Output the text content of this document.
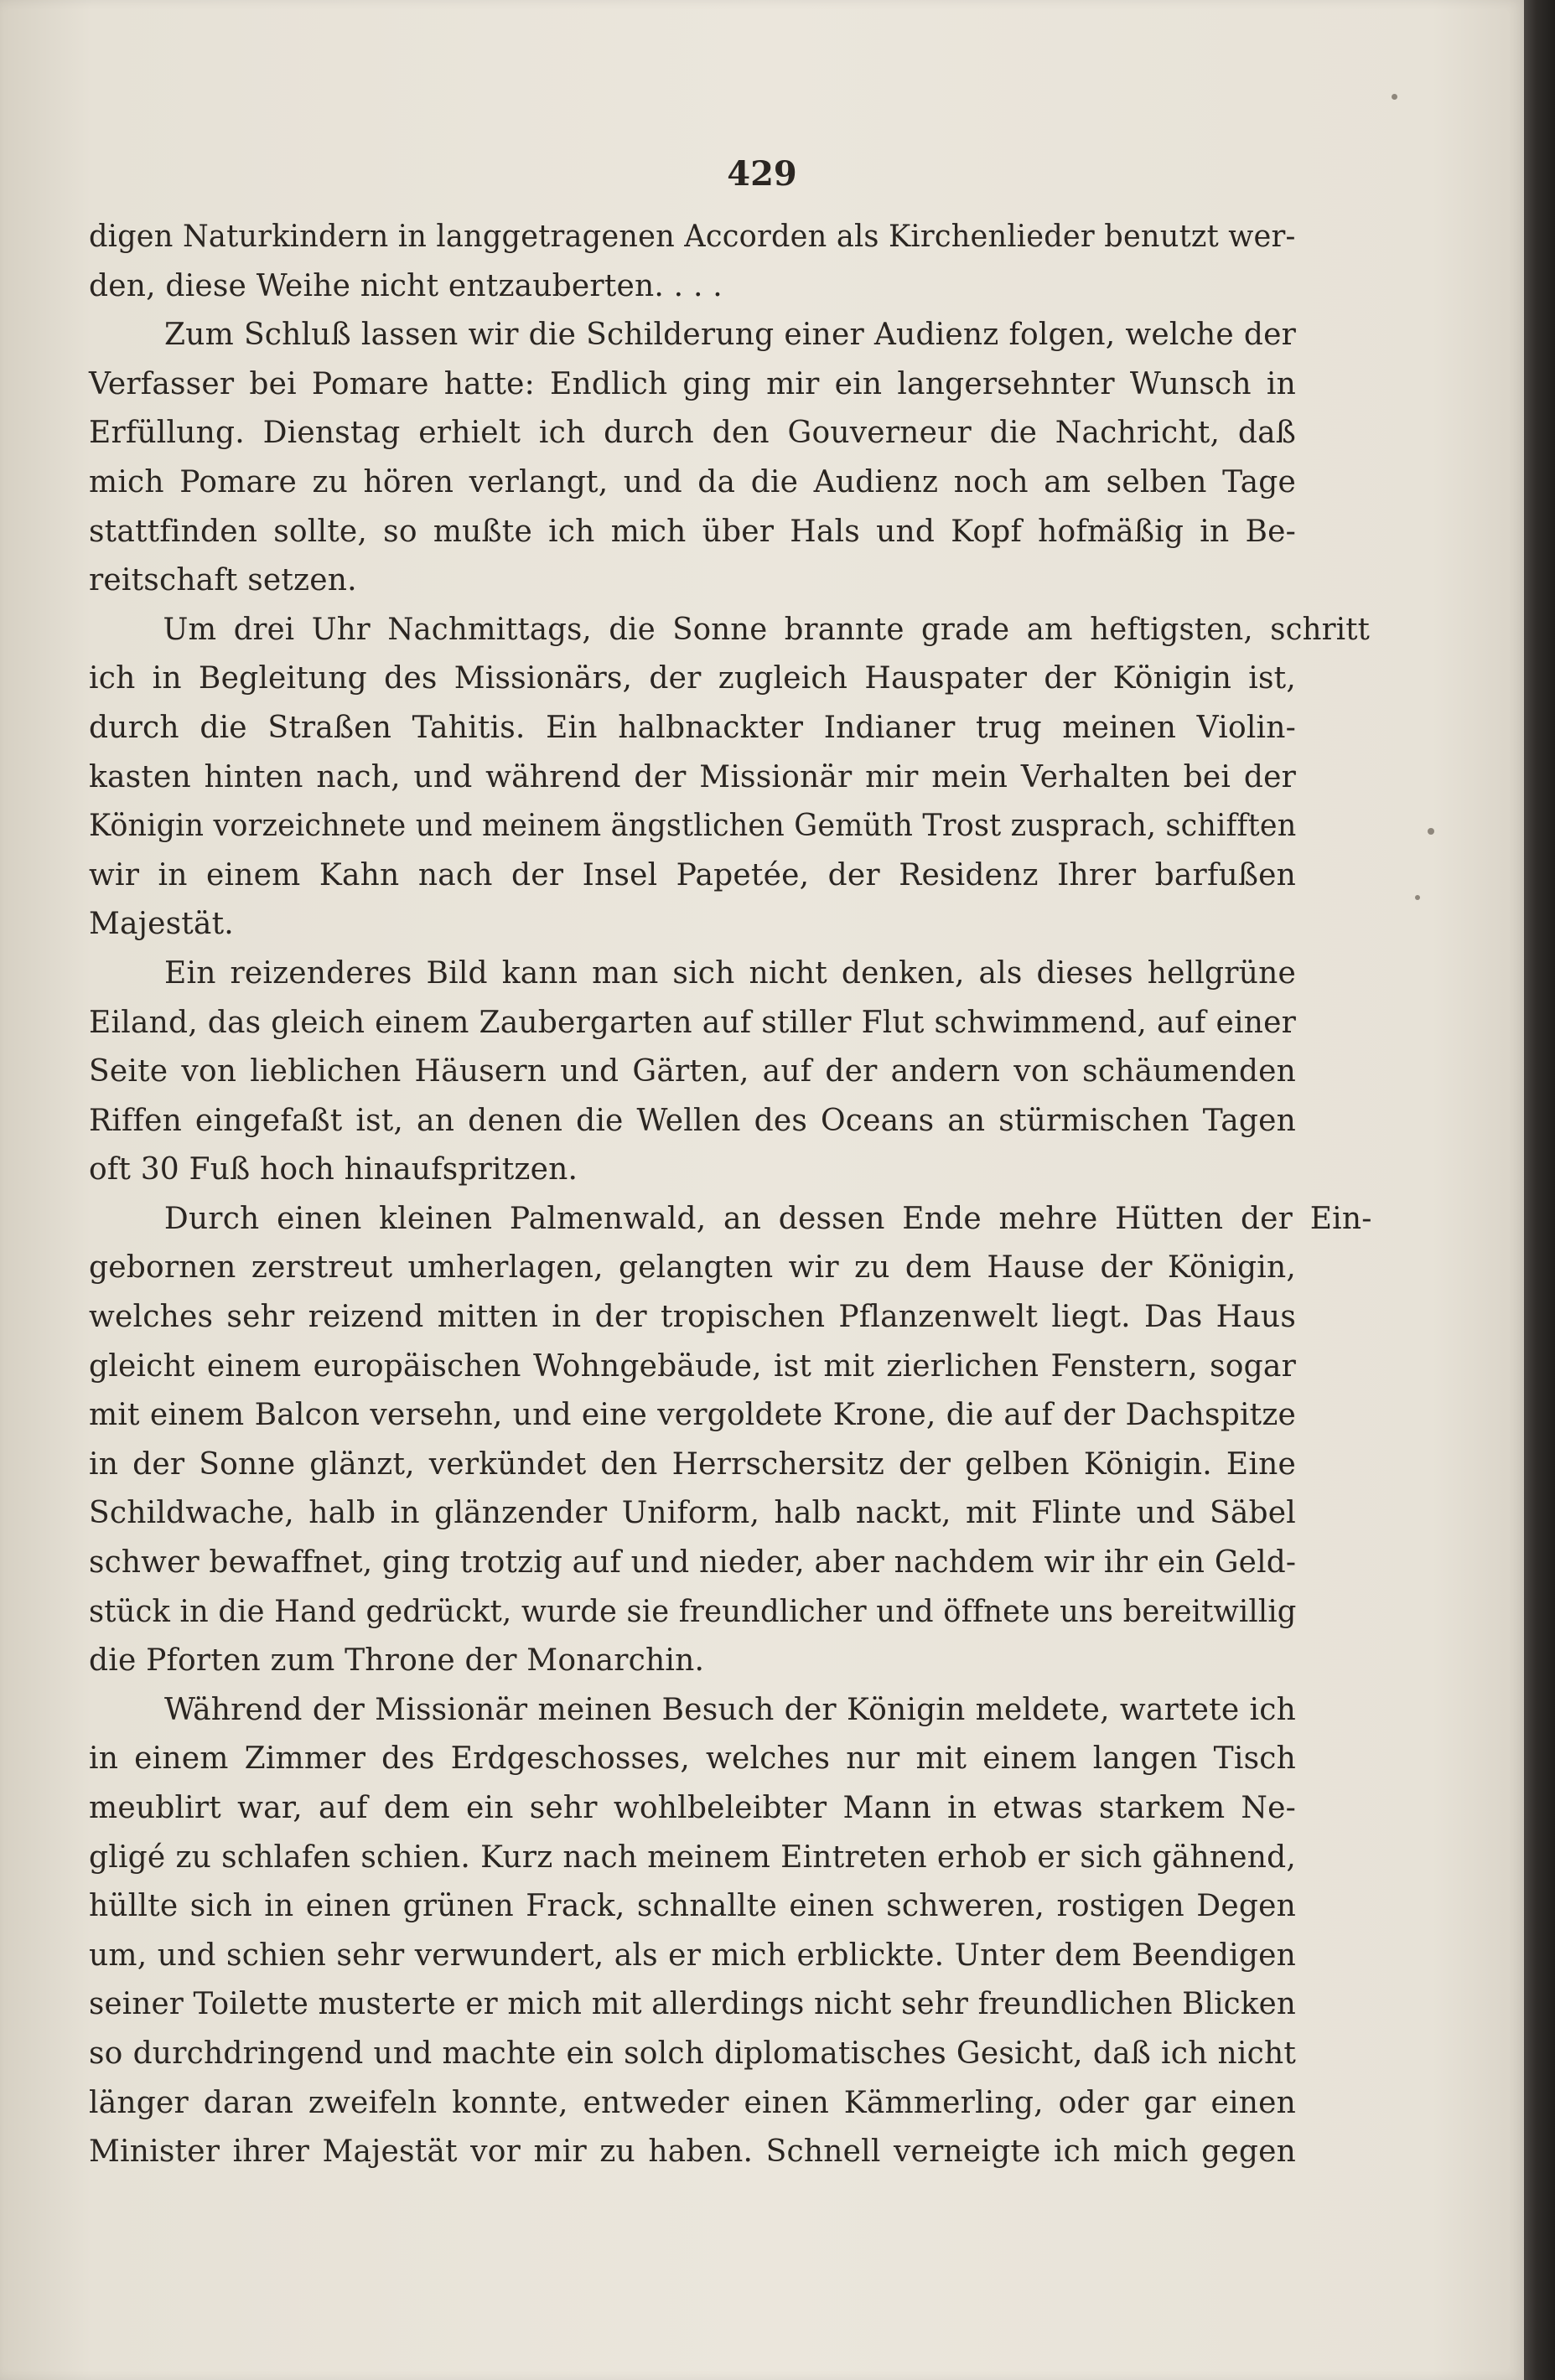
429
digen Naturkindern in langgetragenen Accorden als Kirchenlieder benutzt wer-
den, diese Weihe nicht entzauberten. . . .
Zum Schluß lassen wir die Schilderung einer Audienz folgen, welche der
Verfasser bei Pomare hatte: Endlich ging mir ein langersehnter Wunsch in
Erfüllung. Dienstag erhielt ich durch den Gouverneur die Nachricht, daß
mich Pomare zu hören verlangt, und da die Audienz noch am selben Tage
stattfinden sollte, so mußte ich mich über Hals und Kopf hofmäßig in Be-
reitschaft setzen.
Um drei Uhr Nachmittags, die Sonne brannte grade am heftigsten, schritt
ich in Begleitung des Missionärs, der zugleich Hauspater der Königin ist,
durch die Straßen Tahitis. Ein halbnackter Indianer trug meinen Violin-
kasten hinten nach, und während der Missionär mir mein Verhalten bei der
Königin vorzeichnete und meinem ängstlichen Gemüth Trost zusprach, schifften
wir in einem Kahn nach der Insel Papetée, der Residenz Ihrer barfußen
Majestät.
Ein reizenderes Bild kann man sich nicht denken, als dieses hellgrüne
Eiland, das gleich einem Zaubergarten auf stiller Flut schwimmend, auf einer
Seite von lieblichen Häusern und Gärten, auf der andern von schäumenden
Riffen eingefaßt ist, an denen die Wellen des Oceans an stürmischen Tagen
oft 30 Fuß hoch hinaufspritzen.
Durch einen kleinen Palmenwald, an dessen Ende mehre Hütten der Ein-
gebornen zerstreut umherlagen, gelangten wir zu dem Hause der Königin,
welches sehr reizend mitten in der tropischen Pflanzenwelt liegt. Das Haus
gleicht einem europäischen Wohngebäude, ist mit zierlichen Fenstern, sogar
mit einem Balcon versehn, und eine vergoldete Krone, die auf der Dachspitze
in der Sonne glänzt, verkündet den Herrschersitz der gelben Königin. Eine
Schildwache, halb in glänzender Uniform, halb nackt, mit Flinte und Säbel
schwer bewaffnet, ging trotzig auf und nieder, aber nachdem wir ihr ein Geld-
stück in die Hand gedrückt, wurde sie freundlicher und öffnete uns bereitwillig
die Pforten zum Throne der Monarchin.
Während der Missionär meinen Besuch der Königin meldete, wartete ich
in einem Zimmer des Erdgeschosses, welches nur mit einem langen Tisch
meublirt war, auf dem ein sehr wohlbeleibter Mann in etwas starkem Ne-
gligé zu schlafen schien. Kurz nach meinem Eintreten erhob er sich gähnend,
hüllte sich in einen grünen Frack, schnallte einen schweren, rostigen Degen
um, und schien sehr verwundert, als er mich erblickte. Unter dem Beendigen
seiner Toilette musterte er mich mit allerdings nicht sehr freundlichen Blicken
so durchdringend und machte ein solch diplomatisches Gesicht, daß ich nicht
länger daran zweifeln konnte, entweder einen Kämmerling, oder gar einen
Minister ihrer Majestät vor mir zu haben. Schnell verneigte ich mich gegen
